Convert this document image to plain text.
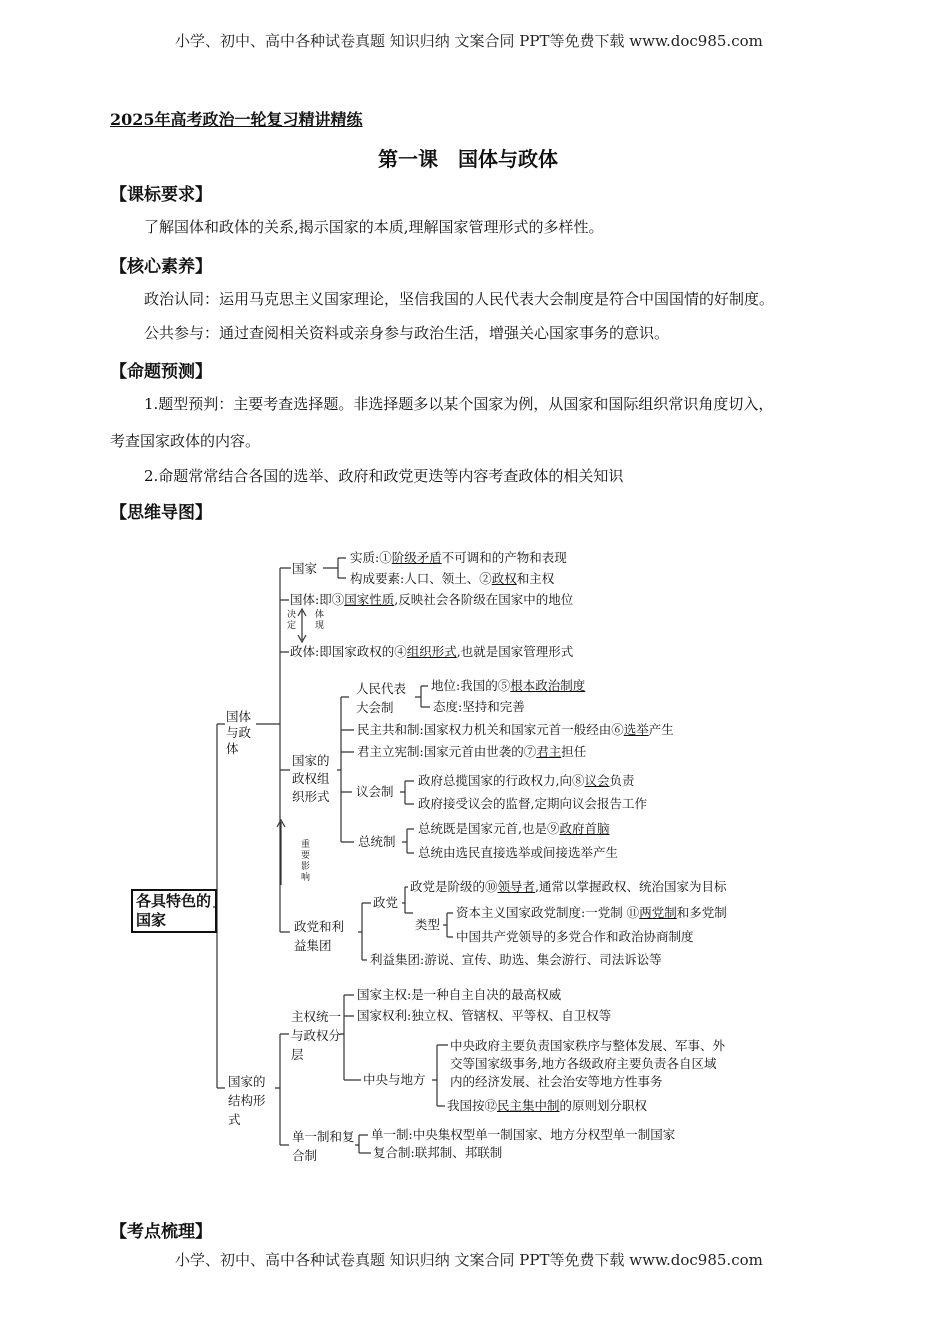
小学、初中、高中各种试卷真题 知识归纳 文案合同 PPT等免费下载 www.doc985.com
2025年高考政治一轮复习精讲精练
第一课　国体与政体
【课标要求】
了解国体和政体的关系,揭示国家的本质,理解国家管理形式的多样性。
【核心素养】
政治认同：运用马克思主义国家理论，坚信我国的人民代表大会制度是符合中国国情的好制度。
公共参与：通过查阅相关资料或亲身参与政治生活，增强关心国家事务的意识。
【命题预测】
1.题型预判：主要考查选择题。非选择题多以某个国家为例，从国家和国际组织常识角度切入，
考查国家政体的内容。
2.命题常常结合各国的选举、政府和政党更迭等内容考查政体的相关知识
【思维导图】
各具特色的国家
国体与政体
国家
实质:①阶级矛盾不可调和的产物和表现
构成要素:人口、领土、②政权和主权
国体:即③国家性质,反映社会各阶级在国家中的地位
决定
体现
政体:即国家政权的④组织形式,也就是国家管理形式
国家的政权组织形式
人民代表大会制
地位:我国的⑤根本政治制度
态度:坚持和完善
民主共和制:国家权力机关和国家元首一般经由⑥选举产生
君主立宪制:国家元首由世袭的⑦君主担任
议会制
政府总揽国家的行政权力,向⑧议会负责
政府接受议会的监督,定期向议会报告工作
总统制
总统既是国家元首,也是⑨政府首脑
总统由选民直接选举或间接选举产生
重要影响
政党和利益集团
政党
政党是阶级的⑩领导者,通常以掌握政权、统治国家为目标
类型
资本主义国家政党制度:一党制 ⑪两党制和多党制
中国共产党领导的多党合作和政治协商制度
利益集团:游说、宣传、助选、集会游行、司法诉讼等
国家的结构形式
主权统一与政权分层
国家主权:是一种自主自决的最高权威
国家权利:独立权、管辖权、平等权、自卫权等
中央与地方
中央政府主要负责国家秩序与整体发展、军事、外
交等国家级事务,地方各级政府主要负责各自区域
内的经济发展、社会治安等地方性事务
我国按⑫民主集中制的原则划分职权
单一制和复合制
单一制:中央集权型单一制国家、地方分权型单一制国家
复合制:联邦制、邦联制
【考点梳理】
小学、初中、高中各种试卷真题 知识归纳 文案合同 PPT等免费下载 www.doc985.com
